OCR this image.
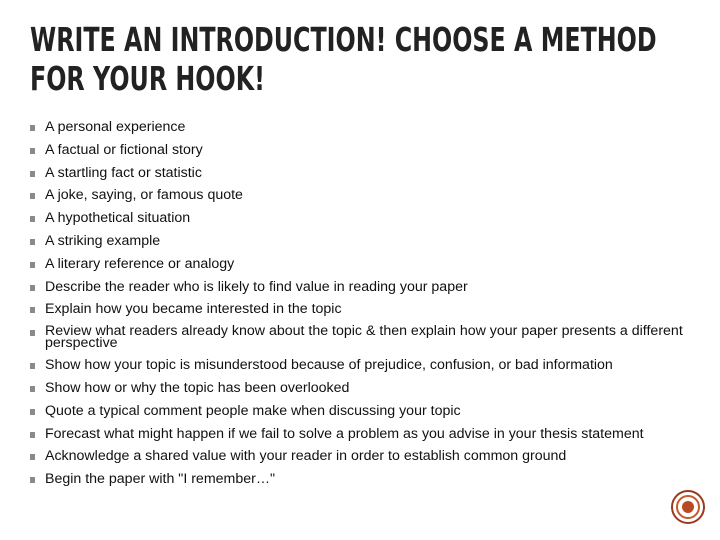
WRITE AN INTRODUCTION! CHOOSE A METHOD FOR YOUR HOOK!
A personal experience
A factual or fictional story
A startling fact or statistic
A joke, saying, or famous quote
A hypothetical situation
A striking example
A literary reference or analogy
Describe the reader who is likely to find value in reading your paper
Explain how you became interested in the topic
Review what readers already know about the topic & then explain how your paper presents a different perspective
Show how your topic is misunderstood because of prejudice, confusion, or bad information
Show how or why the topic has been overlooked
Quote a typical comment people make when discussing your topic
Forecast what might happen if we fail to solve a problem as you advise in your thesis statement
Acknowledge a shared value with your reader in order to establish common ground
Begin the paper with "I remember…"
